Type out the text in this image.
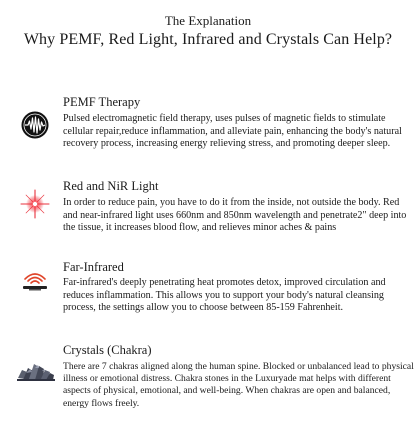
The Explanation
Why PEMF, Red Light, Infrared and Crystals Can Help?
PEMF Therapy
Pulsed electromagnetic field therapy, uses pulses of magnetic fields to stimulate cellular repair,reduce inflammation, and alleviate pain, enhancing the body's natural recovery process, increasing energy relieving stress, and promoting deeper sleep.
Red and NiR Light
In order to reduce pain, you have to do it from the inside, not outside the body. Red and near-infrared light uses 660nm and 850nm wavelength and penetrate2" deep into the tissue, it increases blood flow, and relieves minor aches & pains
Far-Infrared
Far-infrared's deeply penetrating heat promotes detox, improved circulation and reduces inflammation. This allows you to support your body's natural cleansing process, the settings allow you to choose between 85-159 Fahrenheit.
Crystals (Chakra)
There are 7 chakras aligned along the human spine. Blocked or unbalanced lead to physical illness or emotional distress. Chakra stones in the Luxuryade mat helps with different aspects of physical, emotional, and well-being. When chakras are open and balanced, energy flows freely.
